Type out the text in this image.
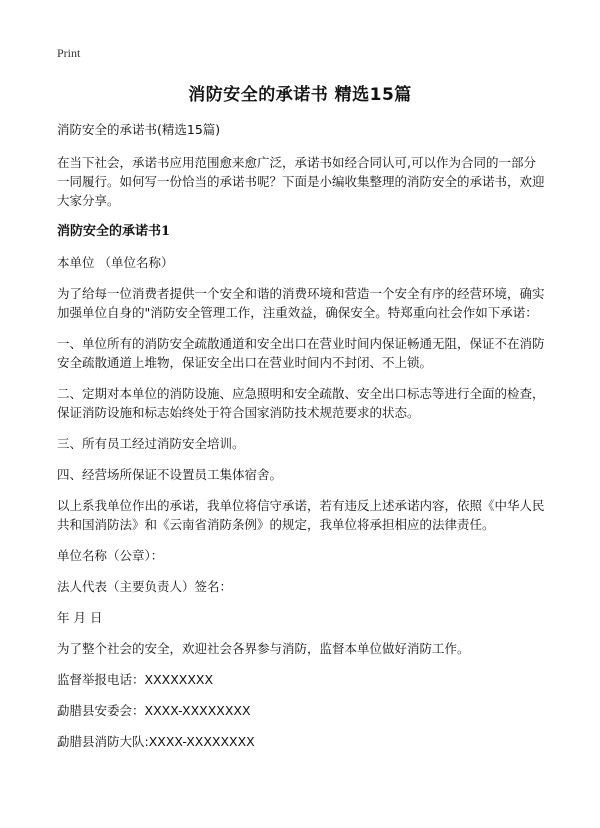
Print
消防安全的承诺书 精选15篇
消防安全的承诺书(精选15篇)
在当下社会，承诺书应用范围愈来愈广泛，承诺书如经合同认可,可以作为合同的一部分一同履行。如何写一份恰当的承诺书呢？下面是小编收集整理的消防安全的承诺书，欢迎大家分享。
消防安全的承诺书1
本单位 （单位名称）
为了给每一位消费者提供一个安全和谐的消费环境和营造一个安全有序的经营环境，确实加强单位自身的"消防安全管理工作，注重效益，确保安全。特郑重向社会作如下承诺：
一、单位所有的消防安全疏散通道和安全出口在营业时间内保证畅通无阻，保证不在消防安全疏散通道上堆物，保证安全出口在营业时间内不封闭、不上锁。
二、定期对本单位的消防设施、应急照明和安全疏散、安全出口标志等进行全面的检查，保证消防设施和标志始终处于符合国家消防技术规范要求的状态。
三、所有员工经过消防安全培训。
四、经营场所保证不设置员工集体宿舍。
以上系我单位作出的承诺，我单位将信守承诺，若有违反上述承诺内容，依照《中华人民共和国消防法》和《云南省消防条例》的规定，我单位将承担相应的法律责任。
单位名称（公章）：
法人代表（主要负责人）签名：
年 月 日
为了整个社会的安全，欢迎社会各界参与消防，监督本单位做好消防工作。
监督举报电话：XXXXXXXX
勐腊县安委会：XXXX-XXXXXXXX
勐腊县消防大队:XXXX-XXXXXXXX
